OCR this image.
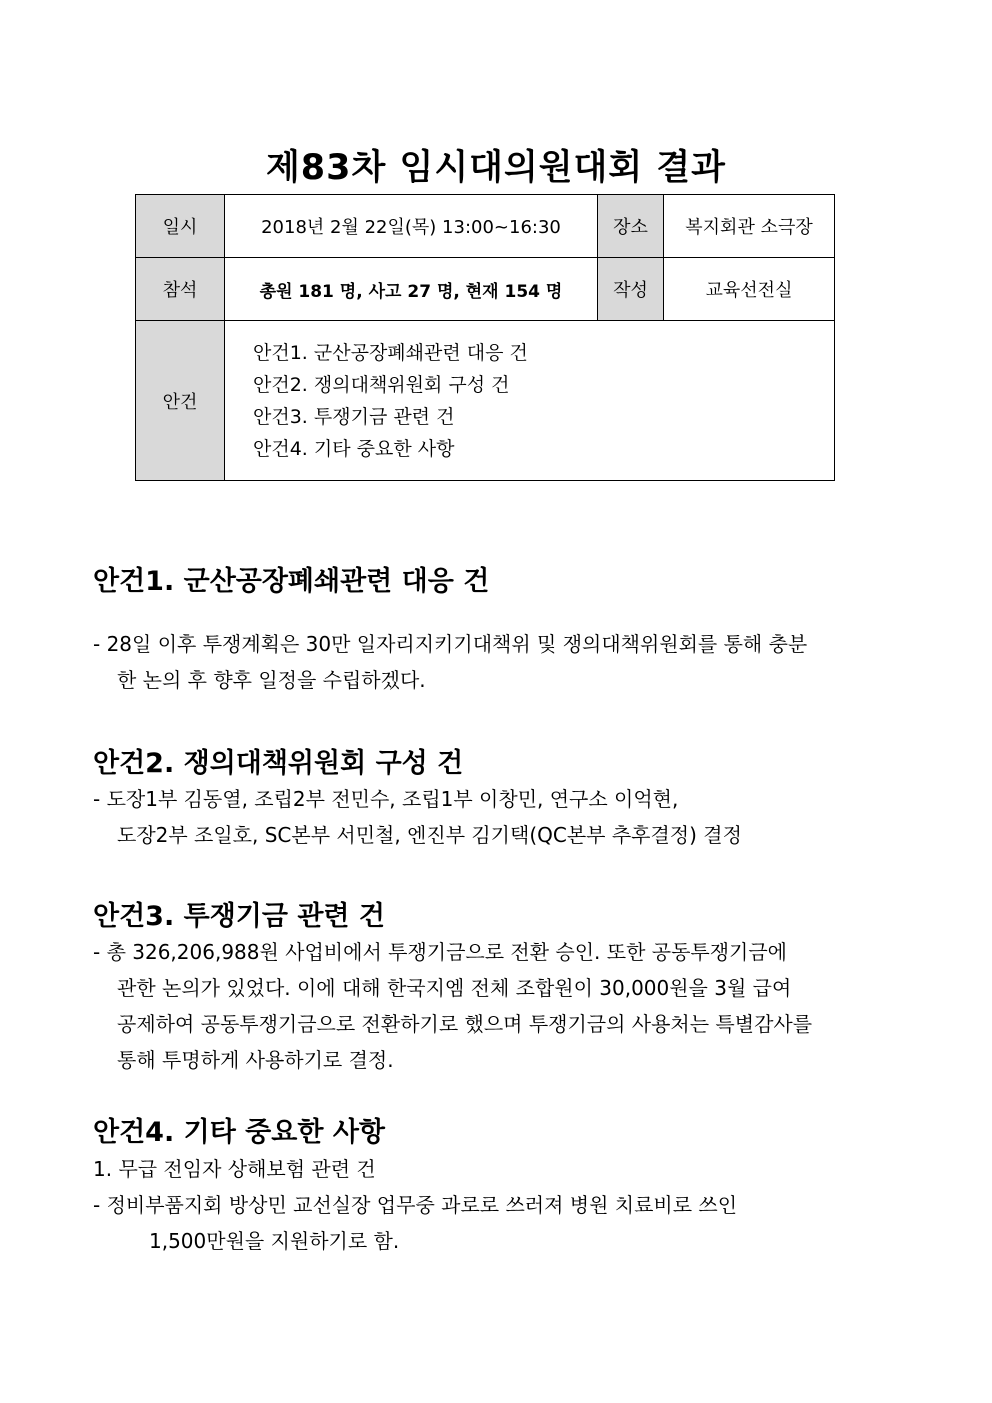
제83차 임시대의원대회 결과
일시	2018년 2월 22일(목) 13:00~16:30	장소	복지회관 소극장
참석	총원 181 명, 사고 27 명, 현재 154 명	작성	교육선전실
안건	안건1. 군산공장폐쇄관련 대응 건
안건2. 쟁의대책위원회 구성 건
안건3. 투쟁기금 관련 건
안건4. 기타 중요한 사항		
안건1. 군산공장폐쇄관련 대응 건
- 28일 이후 투쟁계획은 30만 일자리지키기대책위 및 쟁의대책위원회를 통해 충분
한 논의 후 향후 일정을 수립하겠다.
안건2. 쟁의대책위원회 구성 건
- 도장1부 김동열, 조립2부 전민수, 조립1부 이창민, 연구소 이억현,
도장2부 조일호, SC본부 서민철, 엔진부 김기택(QC본부 추후결정) 결정
안건3. 투쟁기금 관련 건
- 총 326,206,988원 사업비에서 투쟁기금으로 전환 승인. 또한 공동투쟁기금에
관한 논의가 있었다. 이에 대해 한국지엠 전체 조합원이 30,000원을 3월 급여
공제하여 공동투쟁기금으로 전환하기로 했으며 투쟁기금의 사용처는 특별감사를
통해 투명하게 사용하기로 결정.
안건4. 기타 중요한 사항
1. 무급 전임자 상해보험 관련 건
- 정비부품지회 방상민 교선실장 업무중 과로로 쓰러져 병원 치료비로 쓰인
1,500만원을 지원하기로 함.
